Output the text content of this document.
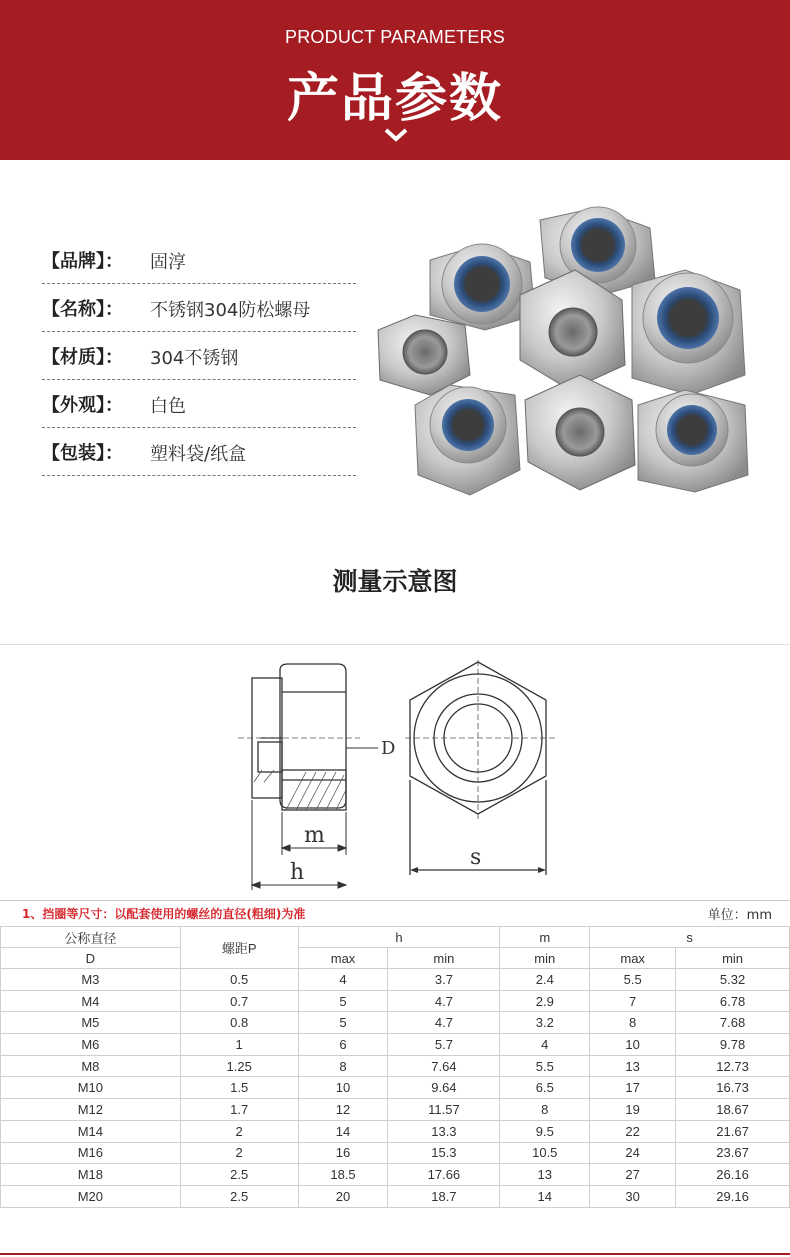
PRODUCT PARAMETERS
产品参数
【品牌】： 固淳
【名称】： 不锈钢304防松螺母
【材质】： 304不锈钢
【外观】： 白色
【包装】： 塑料袋/纸盒
测量示意图
D
m
h
s
1、挡圈等尺寸：以配套使用的螺丝的直径(粗细)为准	单位：mm
公称直径	螺距P	h		m	s	
D		max	min	min	max	min
M3	0.5	4	3.7	2.4	5.5	5.32
M4	0.7	5	4.7	2.9	7	6.78
M5	0.8	5	4.7	3.2	8	7.68
M6	1	6	5.7	4	10	9.78
M8	1.25	8	7.64	5.5	13	12.73
M10	1.5	10	9.64	6.5	17	16.73
M12	1.7	12	11.57	8	19	18.67
M14	2	14	13.3	9.5	22	21.67
M16	2	16	15.3	10.5	24	23.67
M18	2.5	18.5	17.66	13	27	26.16
M20	2.5	20	18.7	14	30	29.16
